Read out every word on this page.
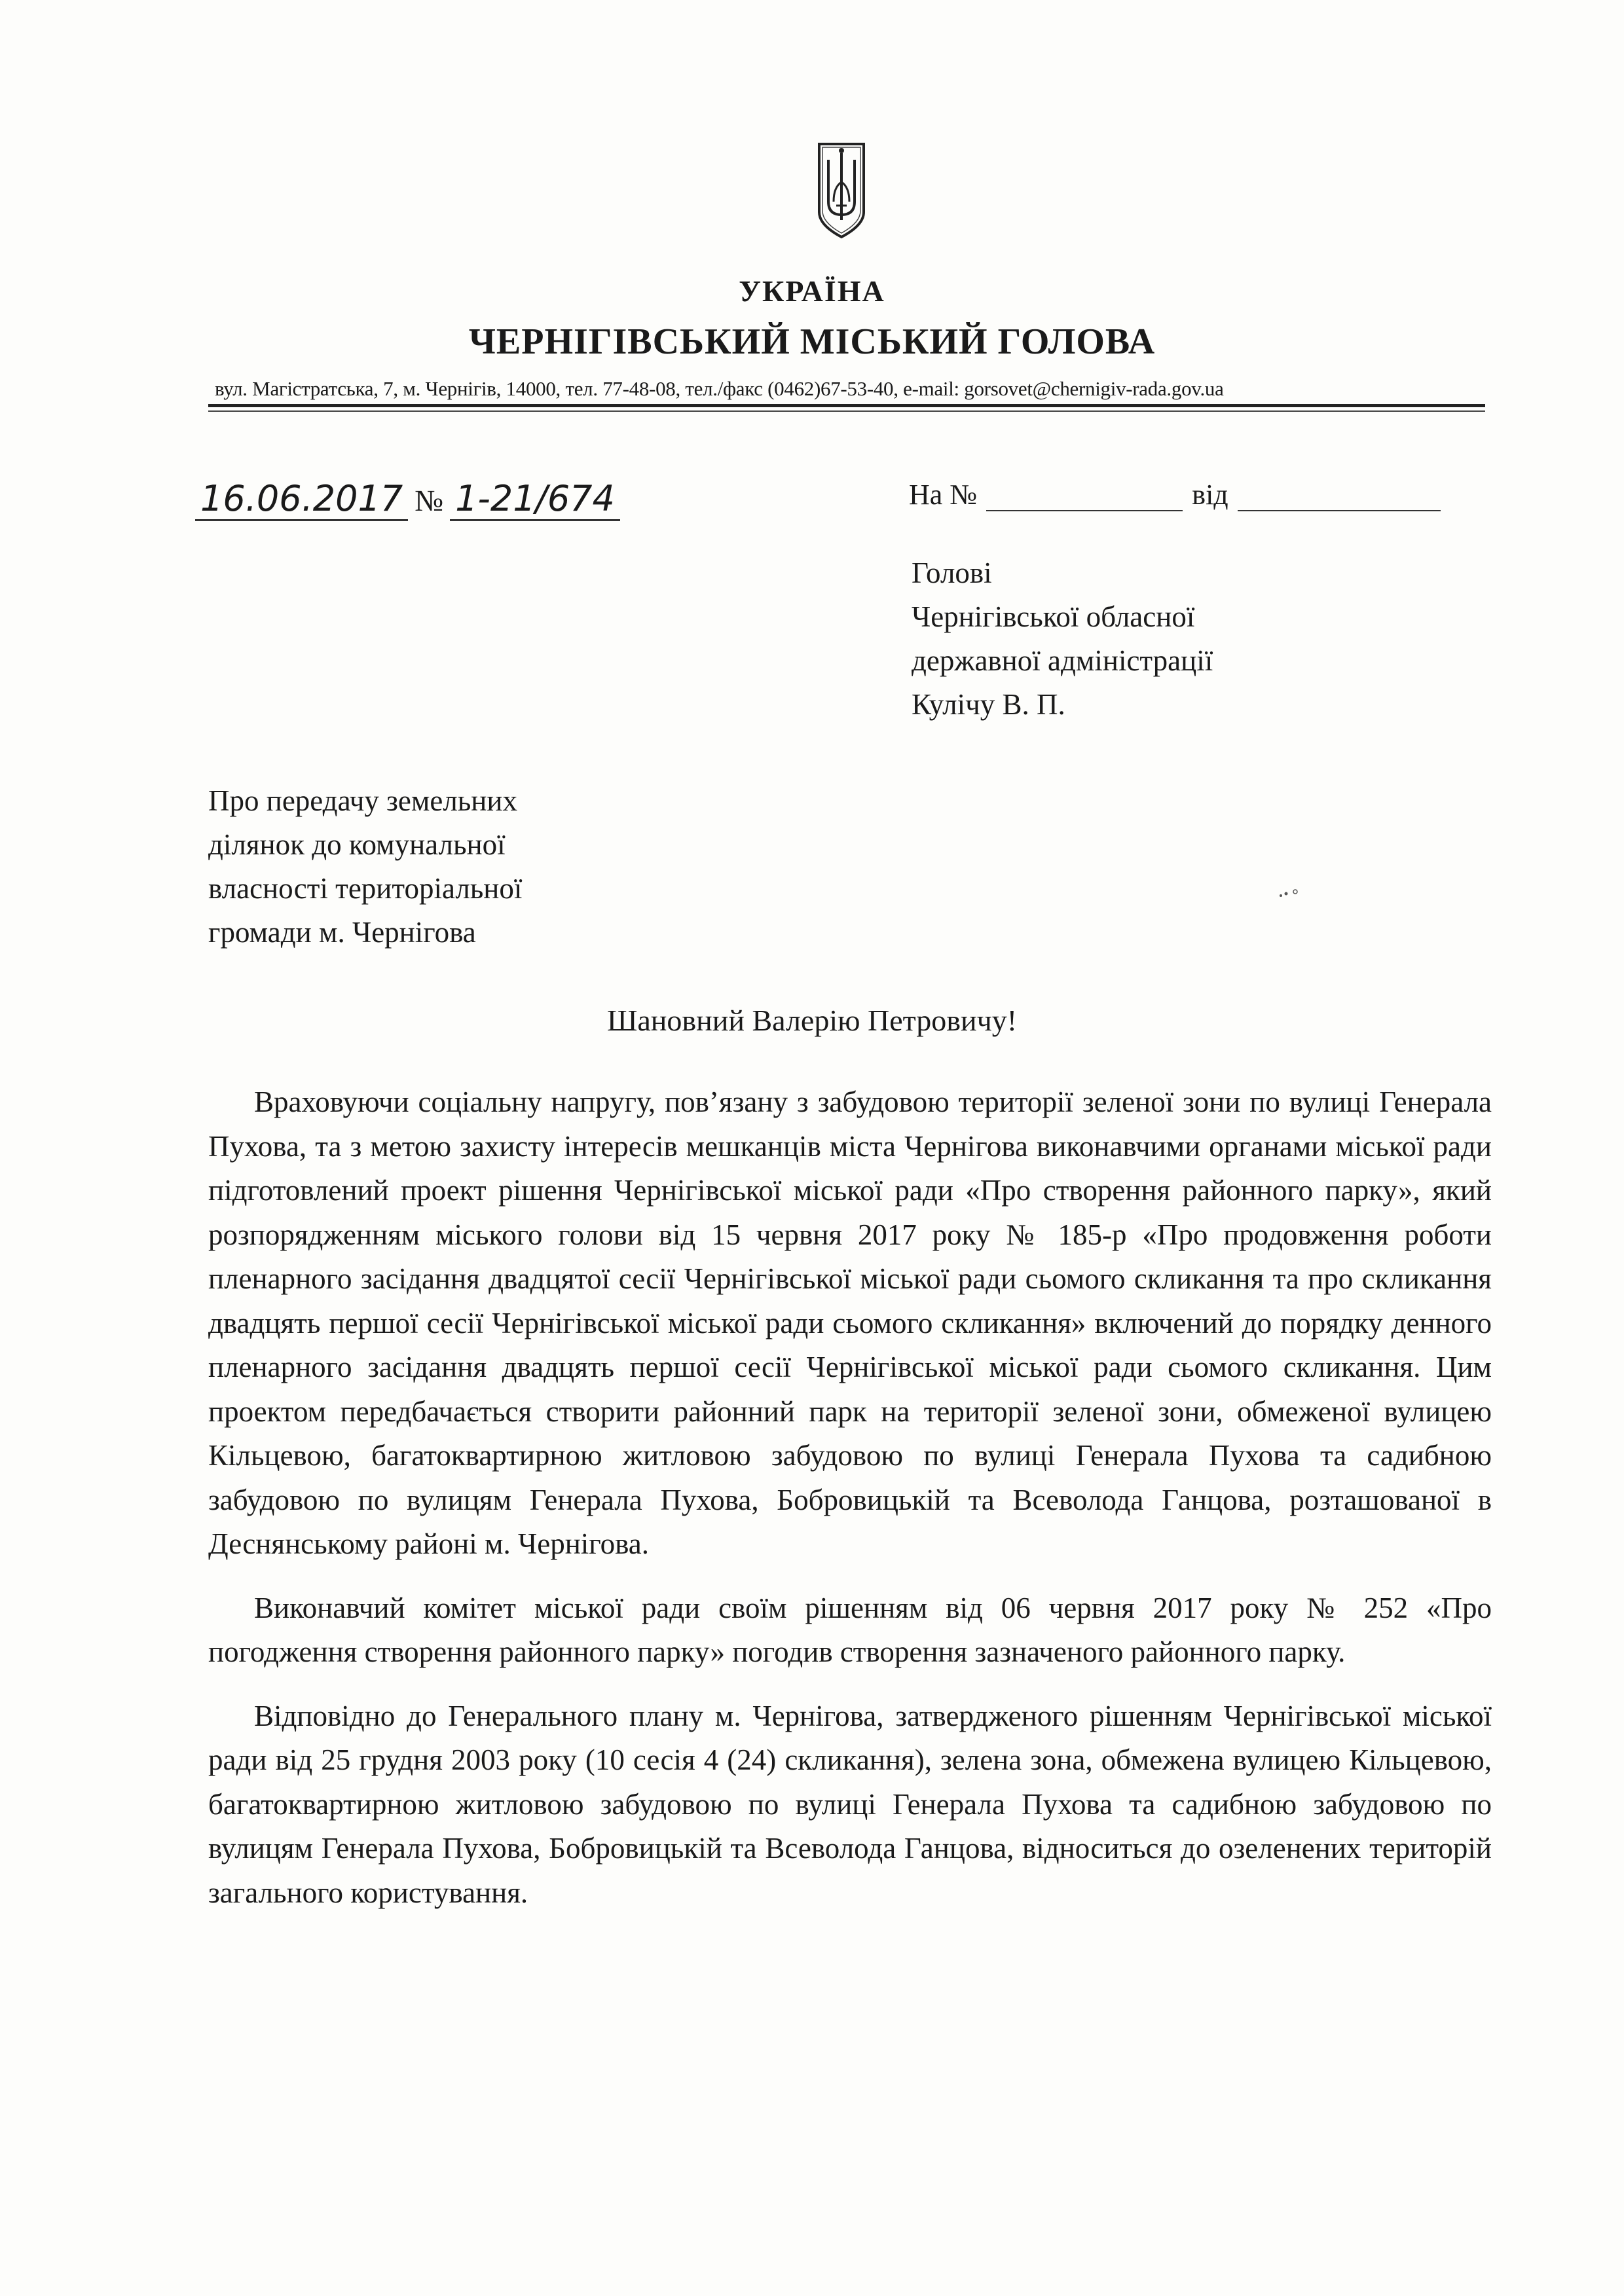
УКРАЇНА
ЧЕРНІГІВСЬКИЙ МІСЬКИЙ ГОЛОВА
вул. Магістратська, 7, м. Чернігів, 14000, тел. 77-48-08, тел./факс (0462)67-53-40, e-mail: gorsovet@chernigiv-rada.gov.ua
16.06.2017 № 1-21/674	На №	від
Голові
Чернігівської обласної
державної адміністрації
Кулічу В. П.
Про передачу земельних
ділянок до комунальної
власності територіальної
громади м. Чернігова
Шановний Валерію Петровичу!

Враховуючи соціальну напругу, пов’язану з забудовою території зеленої зони по вулиці Генерала Пухова, та з метою захисту інтересів мешканців міста Чернігова виконавчими органами міської ради підготовлений проект рішення Чернігівської міської ради «Про створення районного парку», який розпорядженням міського голови від 15 червня 2017 року № 185-р «Про продовження роботи пленарного засідання двадцятої сесії Чернігівської міської ради сьомого скликання та про скликання двадцять першої сесії Чернігівської міської ради сьомого скликання» включений до порядку денного пленарного засідання двадцять першої сесії Чернігівської міської ради сьомого скликання. Цим проектом передбачається створити районний парк на території зеленої зони, обмеженої вулицею Кільцевою, багатоквартирною житловою забудовою по вулиці Генерала Пухова та садибною забудовою по вулицям Генерала Пухова, Бобровицькій та Всеволода Ганцова, розташованої в Деснянському районі м. Чернігова.

Виконавчий комітет міської ради своїм рішенням від 06 червня 2017 року № 252 «Про погодження створення районного парку» погодив створення зазначеного районного парку.

Відповідно до Генерального плану м. Чернігова, затвердженого рішенням Чернігівської міської ради від 25 грудня 2003 року (10 сесія 4 (24) скликання), зелена зона, обмежена вулицею Кільцевою, багатоквартирною житловою забудовою по вулиці Генерала Пухова та садибною забудовою по вулицям Генерала Пухова, Бобровицькій та Всеволода Ганцова, відноситься до озеленених територій загального користування.
